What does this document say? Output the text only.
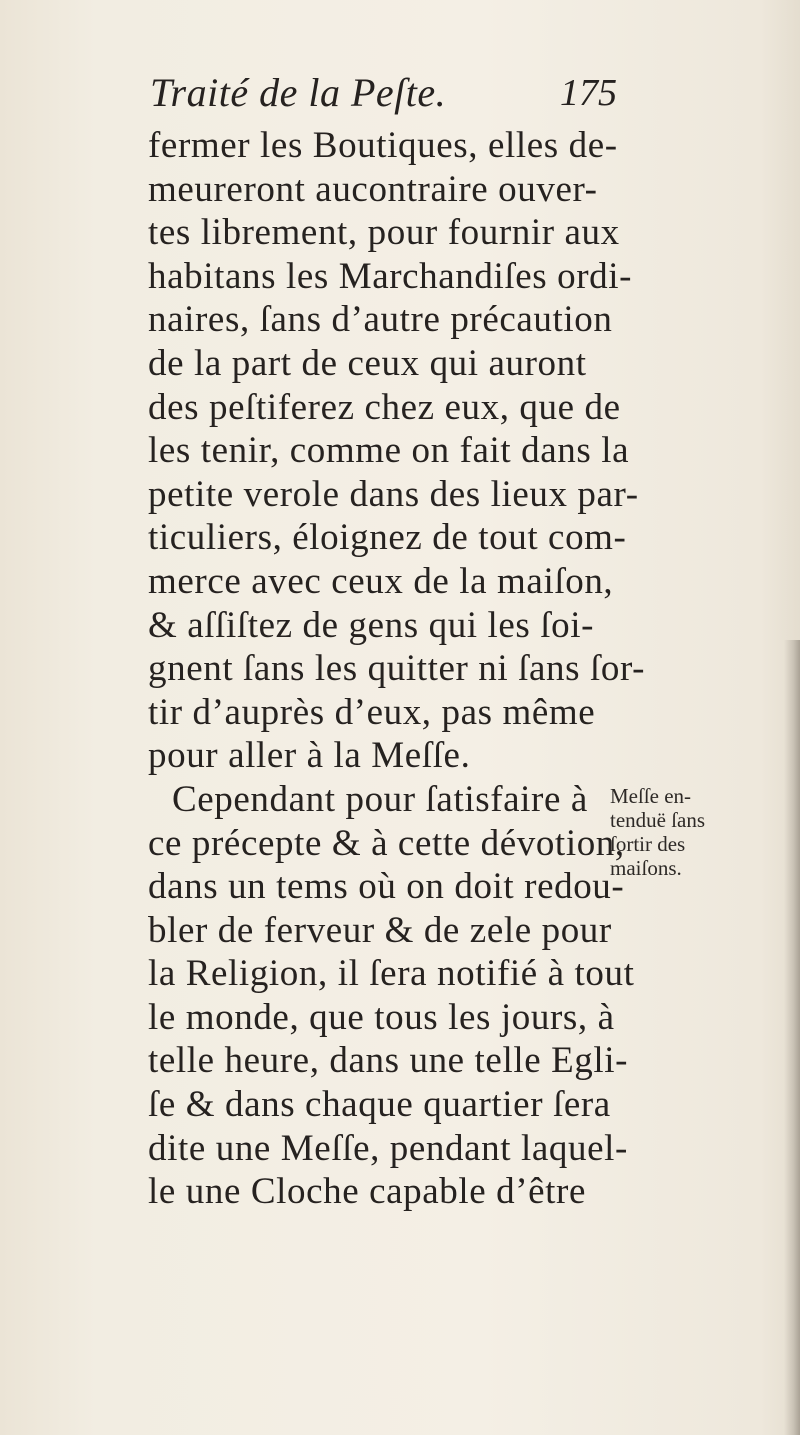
Traité de la Peſte.	175
fermer les Boutiques, elles de-
meureront aucontraire ouver-
tes librement, pour fournir aux
habitans les Marchandiſes ordi-
naires, ſans d’autre précaution
de la part de ceux qui auront
des peſtiferez chez eux, que de
les tenir, comme on fait dans la
petite verole dans des lieux par-
ticuliers, éloignez de tout com-
merce avec ceux de la maiſon,
& aſſiſtez de gens qui les ſoi-
gnent ſans les quitter ni ſans ſor-
tir d’auprès d’eux, pas même
pour aller à la Meſſe.
Cependant pour ſatisfaire à
ce précepte & à cette dévotion,
dans un tems où on doit redou-
bler de ferveur & de zele pour
la Religion, il ſera notifié à tout
le monde, que tous les jours, à
telle heure, dans une telle Egli-
ſe & dans chaque quartier ſera
dite une Meſſe, pendant laquel-
le une Cloche capable d’être
Meſſe en-
tenduë ſans
ſortir des
maiſons.
